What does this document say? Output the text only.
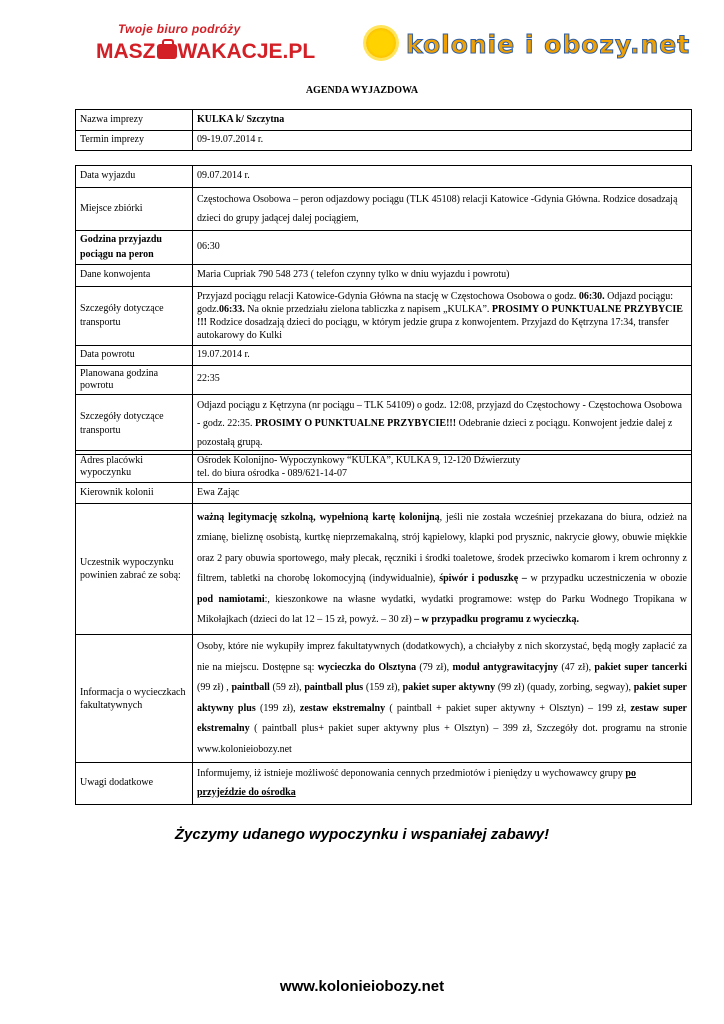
Twoje biuro podróży
MASZ WAKACJE.PL	kolonie i obozy.net
AGENDA WYJAZDOWA
Nazwa imprezy	KULKA k/ Szczytna
Termin imprezy	09-19.07.2014 r.
Data wyjazdu	09.07.2014 r.
Miejsce zbiórki	Częstochowa Osobowa – peron odjazdowy pociągu (TLK 45108) relacji Katowice -Gdynia Główna. Rodzice dosadzają dzieci do grupy jadącej dalej pociągiem,
Godzina przyjazdu pociągu na peron	06:30
Dane konwojenta	Maria Cupriak 790 548 273 ( telefon czynny tylko w dniu wyjazdu i powrotu)
Szczegóły dotyczące transportu	Przyjazd pociągu relacji Katowice-Gdynia Główna na stację w Częstochowa Osobowa o godz. 06:30. Odjazd pociągu: godz.06:33. Na oknie przedziału zielona tabliczka z napisem „KULKA”. PROSIMY O PUNKTUALNE PRZYBYCIE !!! Rodzice dosadzają dzieci do pociągu, w którym jedzie grupa z konwojentem. Przyjazd do Kętrzyna 17:34, transfer autokarowy do Kulki
Data powrotu	19.07.2014 r.
Planowana godzina powrotu	22:35
Szczegóły dotyczące transportu	Odjazd pociągu z Kętrzyna (nr pociągu – TLK 54109) o godz. 12:08, przyjazd do Częstochowy - Częstochowa Osobowa - godz. 22:35. PROSIMY O PUNKTUALNE PRZYBYCIE!!! Odebranie dzieci z pociągu. Konwojent jedzie dalej z pozostałą grupą.
Adres placówki wypoczynku	Ośrodek Kolonijno- Wypoczynkowy “KULKA”, KULKA 9, 12-120 Dźwierzuty
tel. do biura ośrodka - 089/621-14-07

Kierownik kolonii	Ewa Zając
Uczestnik wypoczynku powinien zabrać ze sobą:	ważną legitymację szkolną, wypełnioną kartę kolonijną, jeśli nie została wcześniej przekazana do biura, odzież na zmianę, bieliznę osobistą, kurtkę nieprzemakalną, strój kąpielowy, klapki pod prysznic, nakrycie głowy, obuwie miękkie oraz 2 pary obuwia sportowego, mały plecak, ręczniki i środki toaletowe, środek przeciwko komarom i krem ochronny z filtrem, tabletki na chorobę lokomocyjną (indywidualnie), śpiwór i poduszkę – w przypadku uczestniczenia w obozie pod namiotami:, kieszonkowe na własne wydatki, wydatki programowe: wstęp do Parku Wodnego Tropikana w Mikołajkach (dzieci do lat 12 – 15 zł, powyż. – 30 zł) – w przypadku programu z wycieczką.
Informacja o wycieczkach fakultatywnych	Osoby, które nie wykupiły imprez fakultatywnych (dodatkowych), a chciałyby z nich skorzystać, będą mogły zapłacić za nie na miejscu. Dostępne są: wycieczka do Olsztyna (79 zł), moduł antygrawitacyjny (47 zł), pakiet super tancerki (99 zł) , paintball (59 zł), paintball plus (159 zł), pakiet super aktywny (99 zł) (quady, zorbing, segway), pakiet super aktywny plus (199 zł), zestaw ekstremalny ( paintball + pakiet super aktywny + Olsztyn) – 199 zł, zestaw super ekstremalny ( paintball plus+ pakiet super aktywny plus + Olsztyn) – 399 zł, Szczegóły dot. programu na stronie www.kolonieiobozy.net
Uwagi dodatkowe	Informujemy, iż istnieje możliwość deponowania cennych przedmiotów i pieniędzy u wychowawcy grupy po przyjeździe do ośrodka
Życzymy udanego wypoczynku i wspaniałej zabawy!
www.kolonieiobozy.net
